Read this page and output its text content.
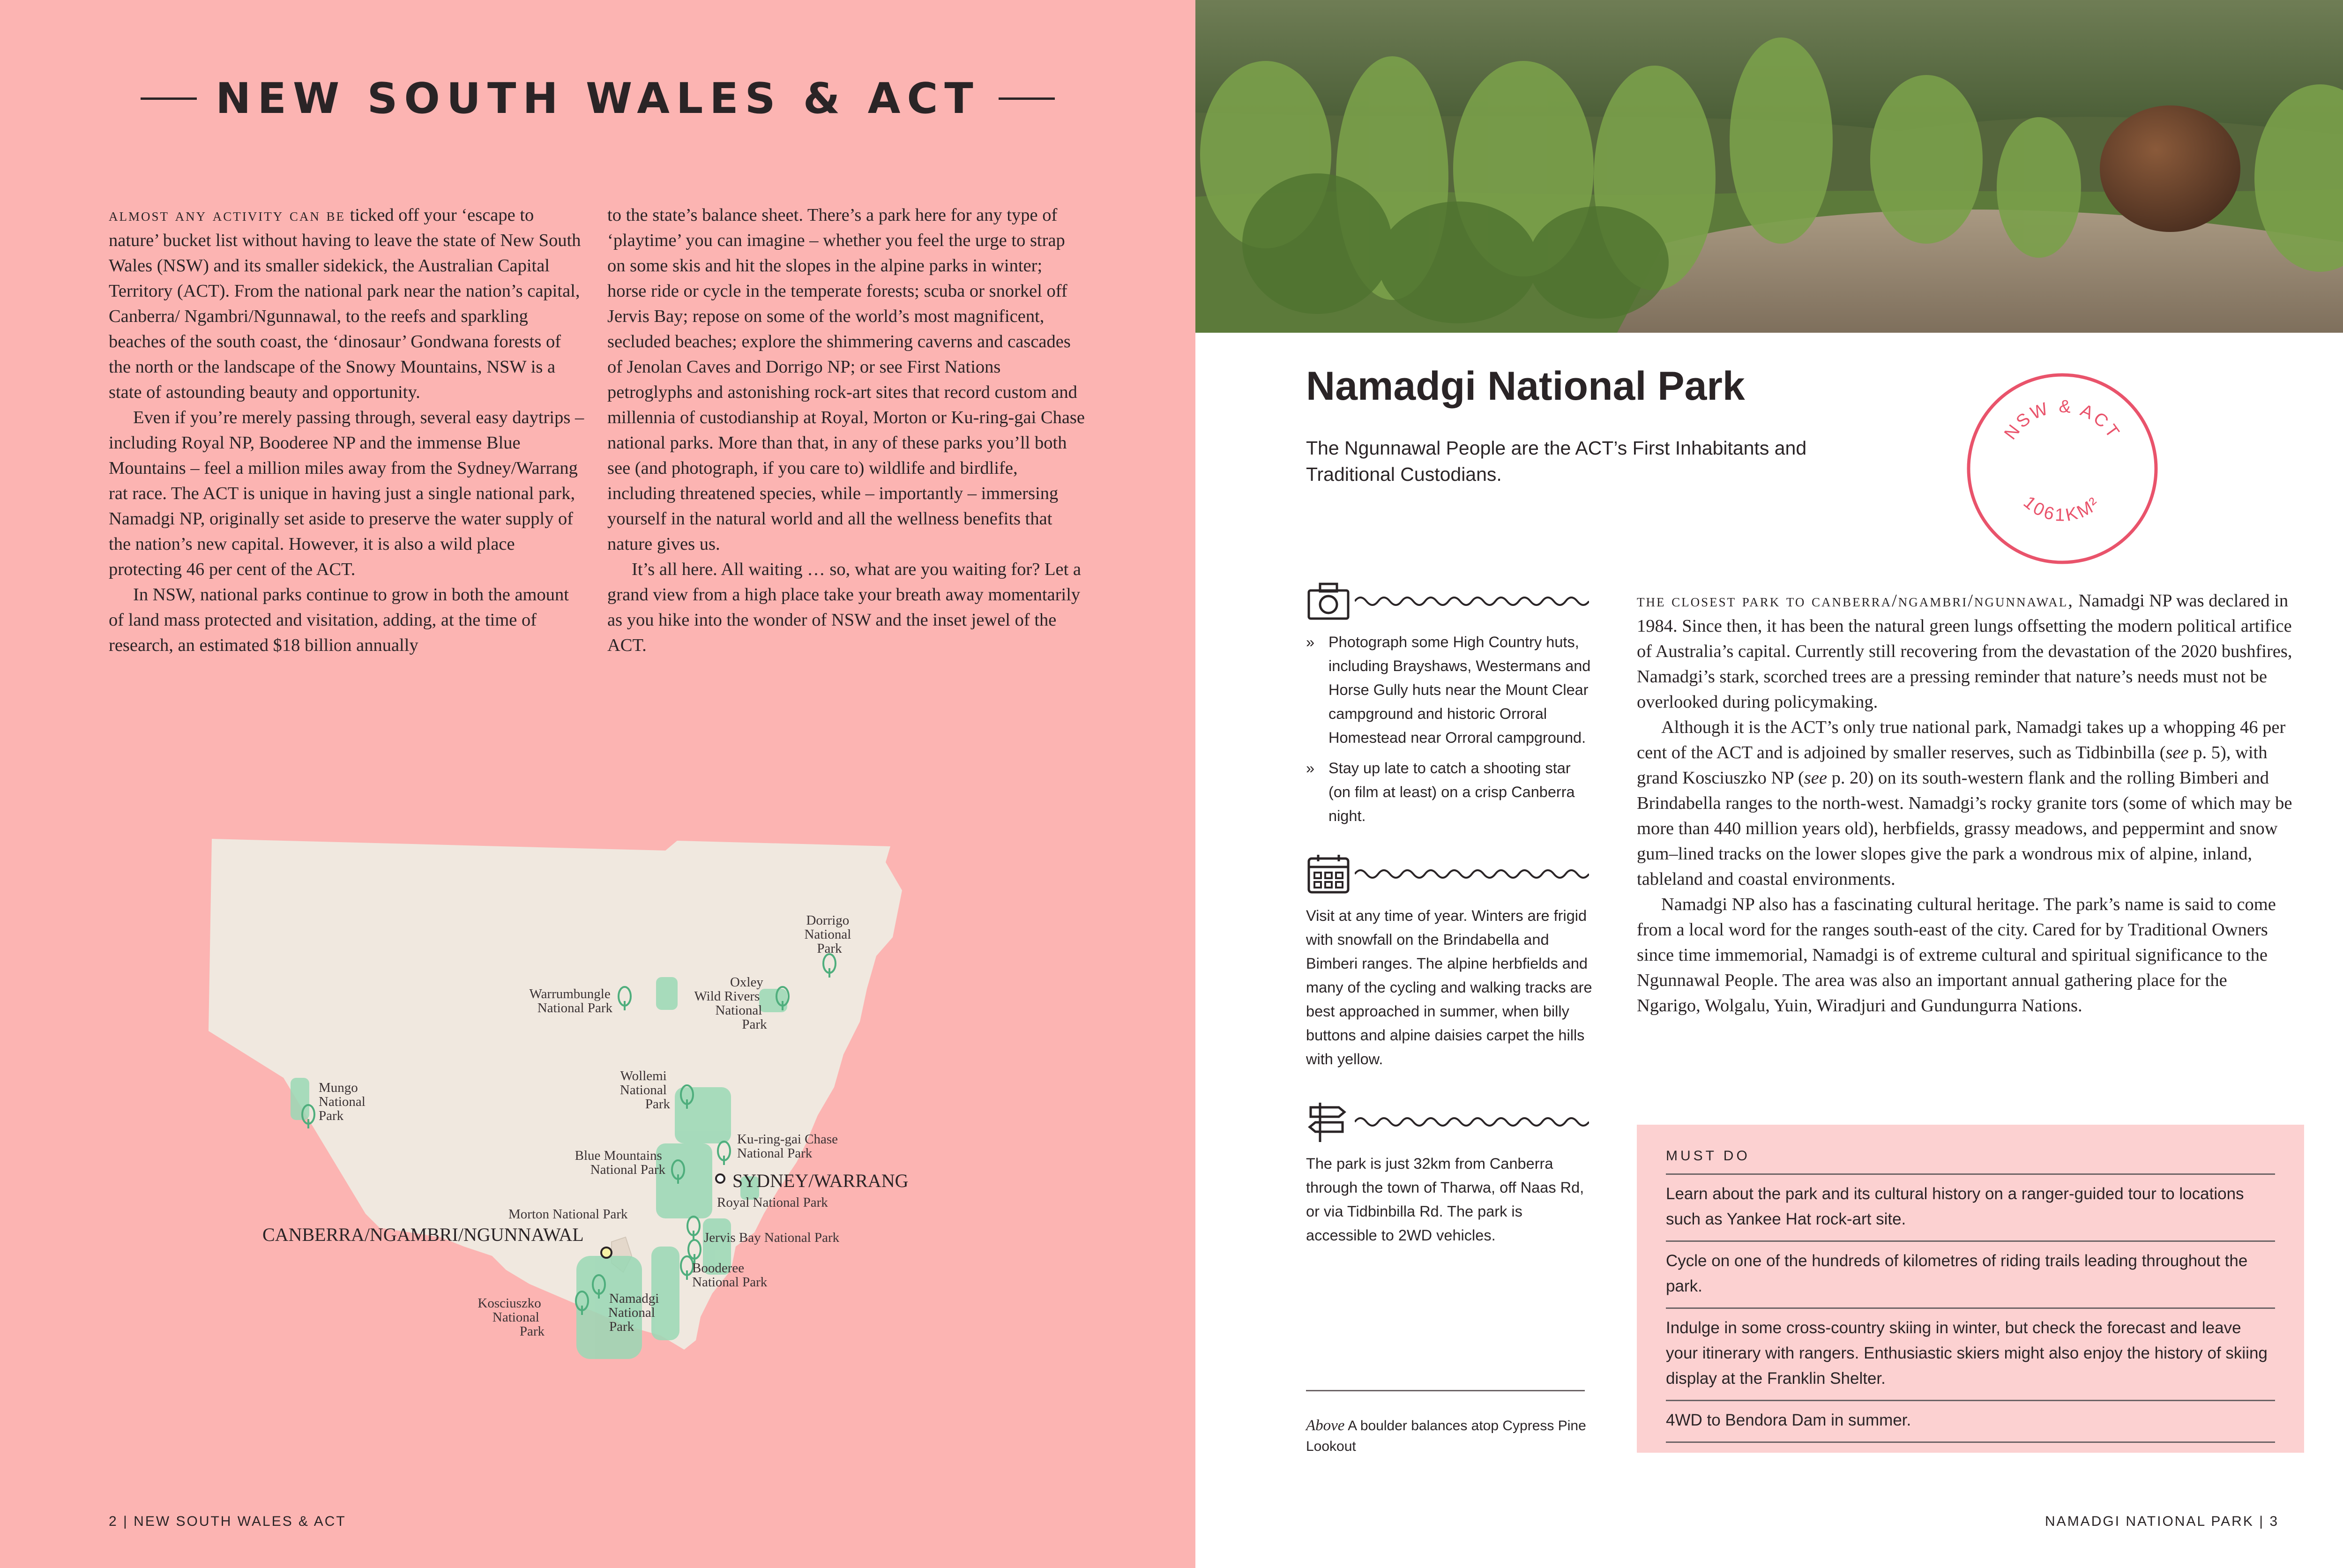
NEW SOUTH WALES & ACT

almost any activity can be ticked off your ‘escape to nature’ bucket list without having to leave the state of New South Wales (NSW) and its smaller sidekick, the Australian Capital Territory (ACT). From the national park near the nation’s capital, Canberra/ Ngambri/Ngunnawal, to the reefs and sparkling beaches of the south coast, the ‘dinosaur’ Gondwana forests of the north or the landscape of the Snowy Mountains, NSW is a state of astounding beauty and opportunity.

Even if you’re merely passing through, several easy daytrips – including Royal NP, Booderee NP and the immense Blue Mountains – feel a million miles away from the Sydney/Warrang rat race. The ACT is unique in having just a single national park, Namadgi NP, originally set aside to preserve the water supply of the nation’s new capital. However, it is also a wild place protecting 46 per cent of the ACT.

In NSW, national parks continue to grow in both the amount of land mass protected and visitation, adding, at the time of research, an estimated $18 billion annually

to the state’s balance sheet. There’s a park here for any type of ‘playtime’ you can imagine – whether you feel the urge to strap on some skis and hit the slopes in the alpine parks in winter; horse ride or cycle in the temperate forests; scuba or snorkel off Jervis Bay; repose on some of the world’s most magnificent, secluded beaches; explore the shimmering caverns and cascades of Jenolan Caves and Dorrigo NP; or see First Nations petroglyphs and astonishing rock-art sites that record custom and millennia of custodianship at Royal, Morton or Ku-ring-gai Chase national parks. More than that, in any of these parks you’ll both see (and photograph, if you care to) wildlife and birdlife, including threatened species, while – importantly – immersing yourself in the natural world and all the wellness benefits that nature gives us.

It’s all here. All waiting … so, what are you waiting for? Let a grand view from a high place take your breath away momentarily as you hike into the wonder of NSW and the inset jewel of the ACT.

Dorrigo National Park
Warrumbungle National Park
Oxley Wild Rivers National Park
Mungo National Park
Wollemi National Park
Blue Mountains National Park
Ku-ring-gai Chase National Park
SYDNEY/WARRANG
Royal National Park
Morton National Park
CANBERRA/NGAMBRI/NGUNNAWAL	Jervis Bay National Park
Booderee National Park
Kosciuszko National Park
Namadgi National Park
2 | NEW SOUTH WALES & ACT
Namadgi National Park

The Ngunnawal People are the ACT’s First Inhabitants and Traditional Custodians.

NSW & ACT
1061KM²
» Photograph some High Country huts, including Brayshaws, Westermans and Horse Gully huts near the Mount Clear campground and historic Orroral Homestead near Orroral campground.
» Stay up late to catch a shooting star (on film at least) on a crisp Canberra night.

Visit at any time of year. Winters are frigid with snowfall on the Brindabella and Bimberi ranges. The alpine herbfields and many of the cycling and walking tracks are best approached in summer, when billy buttons and alpine daisies carpet the hills with yellow.

The park is just 32km from Canberra through the town of Tharwa, off Naas Rd, or via Tidbinbilla Rd. The park is accessible to 2WD vehicles.

Above A boulder balances atop Cypress Pine Lookout

the closest park to canberra/ngambri/ngunnawal, Namadgi NP was declared in 1984. Since then, it has been the natural green lungs offsetting the modern political artifice of Australia’s capital. Currently still recovering from the devastation of the 2020 bushfires, Namadgi’s stark, scorched trees are a pressing reminder that nature’s needs must not be overlooked during policymaking.

Although it is the ACT’s only true national park, Namadgi takes up a whopping 46 per cent of the ACT and is adjoined by smaller reserves, such as Tidbinbilla (see p. 5), with grand Kosciuszko NP (see p. 20) on its south-western flank and the rolling Bimberi and Brindabella ranges to the north-west. Namadgi’s rocky granite tors (some of which may be more than 440 million years old), herbfields, grassy meadows, and peppermint and snow gum–lined tracks on the lower slopes give the park a wondrous mix of alpine, inland, tableland and coastal environments.

Namadgi NP also has a fascinating cultural heritage. The park’s name is said to come from a local word for the ranges south-east of the city. Cared for by Traditional Owners since time immemorial, Namadgi is of extreme cultural and spiritual significance to the Ngunnawal People. The area was also an important annual gathering place for the Ngarigo, Wolgalu, Yuin, Wiradjuri and Gundungurra Nations.

MUST DO
Learn about the park and its cultural history on a ranger-guided tour to locations such as Yankee Hat rock-art site.
Cycle on one of the hundreds of kilometres of riding trails leading throughout the park.
Indulge in some cross-country skiing in winter, but check the forecast and leave your itinerary with rangers. Enthusiastic skiers might also enjoy the history of skiing display at the Franklin Shelter.
4WD to Bendora Dam in summer.
NAMADGI NATIONAL PARK | 3
